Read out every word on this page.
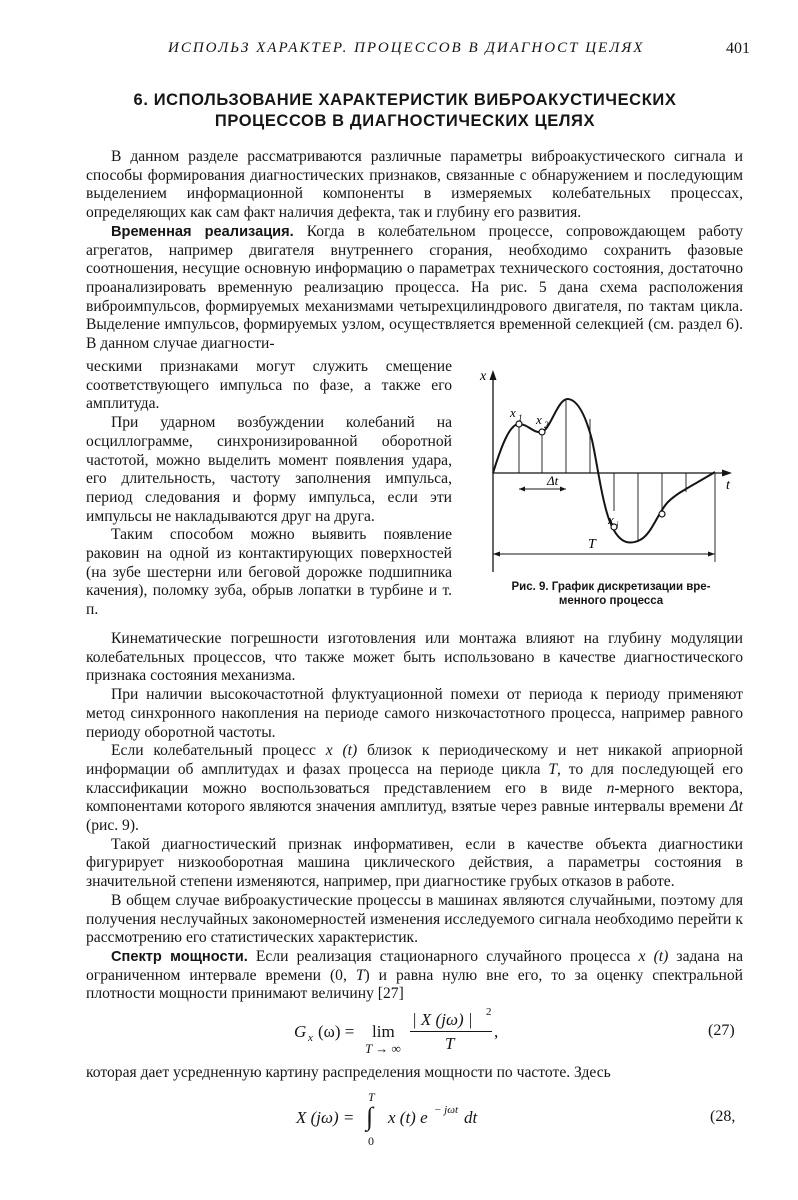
ИСПОЛЬЗ ХАРАКТЕР. ПРОЦЕССОВ В ДИАГНОСТ ЦЕЛЯХ	401
6. ИСПОЛЬЗОВАНИЕ ХАРАКТЕРИСТИК ВИБРОАКУСТИЧЕСКИХ
ПРОЦЕССОВ В ДИАГНОСТИЧЕСКИХ ЦЕЛЯХ

В данном разделе рассматриваются различные параметры виброакустического сигнала и способы формирования диагностических признаков, связанные с обнаружением и последующим выделением информационной компоненты в измеряемых колебательных процессах, определяющих как сам факт наличия дефекта, так и глубину его развития.

Временная реализация. Когда в колебательном процессе, сопровождающем работу агрегатов, например двигателя внутреннего сгорания, необходимо сохранить фазовые соотношения, несущие основную информацию о параметрах технического состояния, достаточно проанализировать временную реализацию процесса. На рис. 5 дана схема расположения виброимпульсов, формируемых механизмами четырехцилиндрового двигателя, по тактам цикла. Выделение импульсов, формируемых узлом, осуществляется временной селекцией (см. раздел 6). В данном случае диагности-

ческими признаками могут служить смещение соответствующего импульса по фазе, а также его амплитуда.

При ударном возбуждении колебаний на осциллограмме, синхронизированной оборотной частотой, можно выделить момент появления удара, его длительность, частоту заполнения импульса, период следования и форму импульса, если эти импульсы не накладываются друг на друга.

Таким способом можно выявить появление раковин на одной из контактирующих поверхностей (на зубе шестерни или беговой дорожке подшипника качения), поломку зуба, обрыв лопатки в турбине и т. п.

x
t
x 1 x 2
x i
Δt
T
Рис. 9. График дискретизации вре-
менного процесса

Кинематические погрешности изготовления или монтажа влияют на глубину модуляции колебательных процессов, что также может быть использовано в качестве диагностического признака состояния механизма.

При наличии высокочастотной флуктуационной помехи от периода к периоду применяют метод синхронного накопления на периоде самого низкочастотного процесса, например равного периоду оборотной частоты.

Если колебательный процесс x (t) близок к периодическому и нет никакой априорной информации об амплитудах и фазах процесса на периоде цикла T, то для последующей его классификации можно воспользоваться представлением его в виде n-мерного вектора, компонентами которого являются значения амплитуд, взятые через равные интервалы времени Δt (рис. 9).

Такой диагностический признак информативен, если в качестве объекта диагностики фигурирует низкооборотная машина циклического действия, а параметры состояния в значительной степени изменяются, например, при диагностике грубых отказов в работе.

В общем случае виброакустические процессы в машинах являются случайными, поэтому для получения неслучайных закономерностей изменения исследуемого сигнала необходимо перейти к рассмотрению его статистических характеристик.

Спектр мощности. Если реализация стационарного случайного процесса x (t) задана на ограниченном интервале времени (0, T) и равна нулю вне его, то за оценку спектральной плотности мощности принимают величину [27]

G x (ω) = lim
T → ∞
| X (jω) | 2
T
,	(27)

которая дает усредненную картину распределения мощности по частоте. Здесь

X (jω) =
T
∫
0
x (t) e − jωt dt	(28,
